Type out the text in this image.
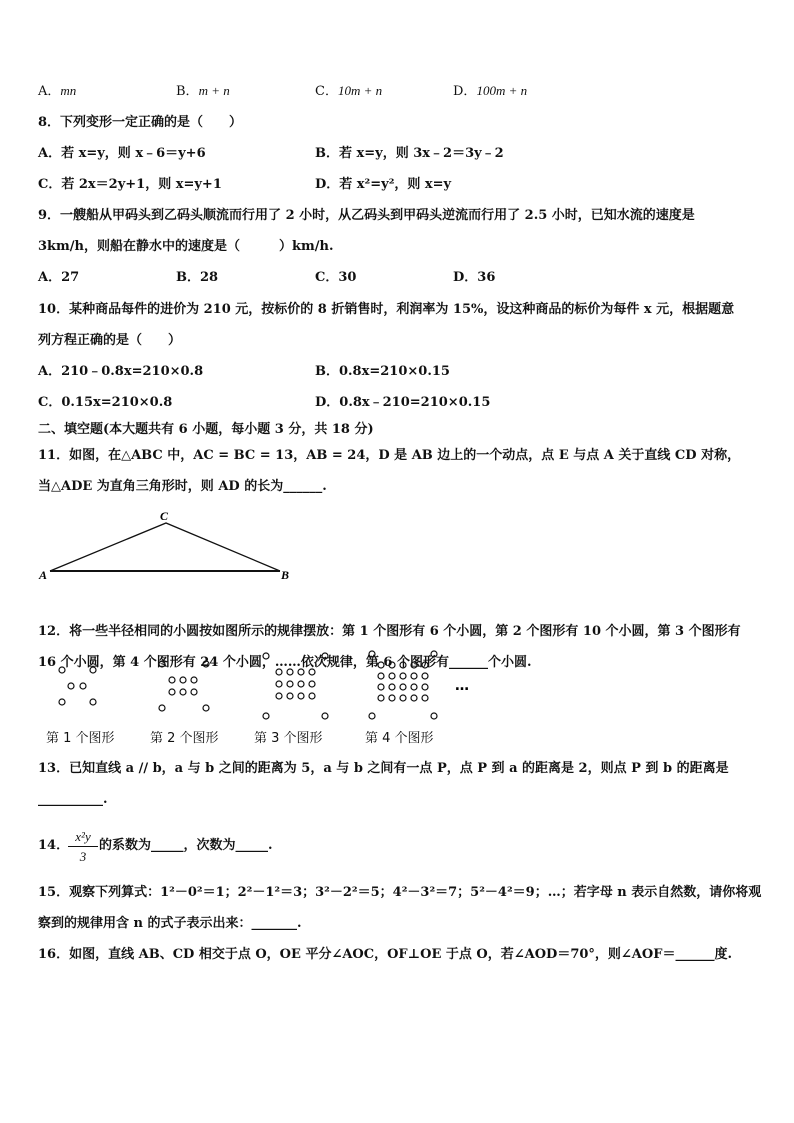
A．mn	B．m + n	C．10m + n	D．100m + n
8．下列变形一定正确的是（　　）
A．若 x=y，则 x﹣6＝y+6	B．若 x=y，则 3x﹣2＝3y﹣2
C．若 2x＝2y+1，则 x=y+1	D．若 x²=y²，则 x=y
9．一艘船从甲码头到乙码头顺流而行用了 2 小时，从乙码头到甲码头逆流而行用了 2.5 小时，已知水流的速度是
3km/h，则船在静水中的速度是（　　　）km/h.
A．27	B．28	C．30	D．36
10．某种商品每件的进价为 210 元，按标价的 8 折销售时，利润率为 15%，设这种商品的标价为每件 x 元，根据题意
列方程正确的是（　　）
A．210﹣0.8x=210×0.8	B．0.8x=210×0.15
C．0.15x=210×0.8	D．0.8x﹣210=210×0.15
二、填空题(本大题共有 6 小题，每小题 3 分，共 18 分)
11．如图，在△ABC 中，AC = BC = 13，AB = 24，D 是 AB 边上的一个动点，点 E 与点 A 关于直线 CD 对称，
当△ADE 为直角三角形时，则 AD 的长为______.
A	B
C
12．将一些半径相同的小圆按如图所示的规律摆放：第 1 个图形有 6 个小圆，第 2 个图形有 10 个小圆，第 3 个图形有
16 个小圆，第 4 个图形有 24 个小圆，……依次规律，第 6 个图形有______个小圆.
…
第 1 个图形	第 2 个图形	第 3 个图形	第 4 个图形
13．已知直线 a // b，a 与 b 之间的距离为 5，a 与 b 之间有一点 P，点 P 到 a 的距离是 2，则点 P 到 b 的距离是
__________.
14．
$\frac{\text{x²y}}{3}$ 的系数为_____，次数为_____.
15．观察下列算式：1²－0²＝1；2²－1²＝3；3²－2²＝5；4²－3²＝7；5²－4²＝9；…；若字母 n 表示自然数，请你将观
察到的规律用含 n 的式子表示出来：_______.
16．如图，直线 AB、CD 相交于点 O，OE 平分∠AOC，OF⊥OE 于点 O，若∠AOD＝70°，则∠AOF＝______度.
